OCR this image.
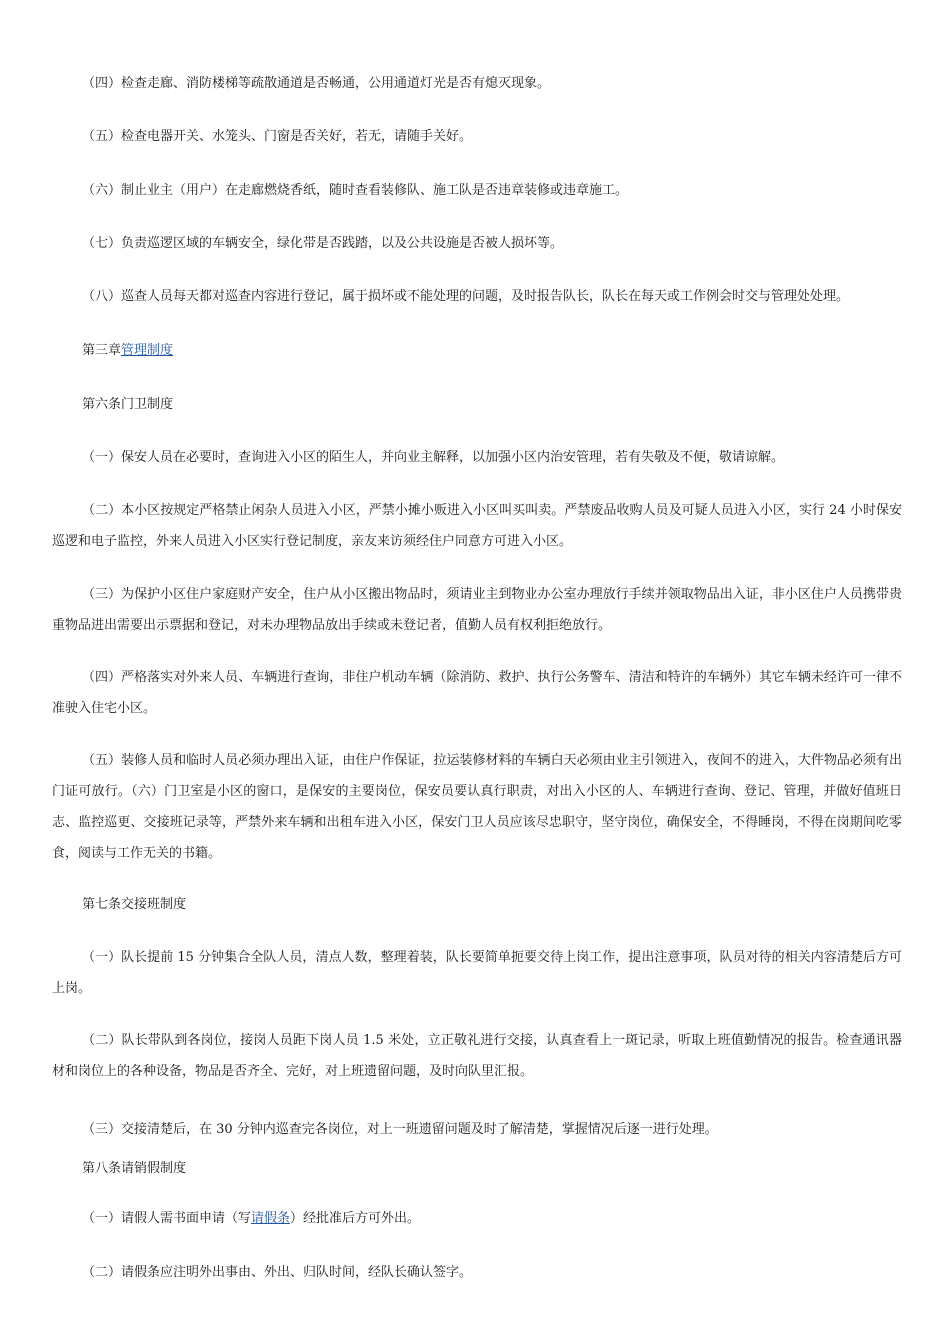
（四）检查走廊、消防楼梯等疏散通道是否畅通，公用通道灯光是否有熄灭现象。
（五）检查电器开关、水笼头、门窗是否关好，若无，请随手关好。
（六）制止业主（用户）在走廊燃烧香纸，随时查看装修队、施工队是否违章装修或违章施工。
（七）负责巡逻区域的车辆安全，绿化带是否践踏，以及公共设施是否被人损坏等。
（八）巡查人员每天都对巡查内容进行登记，属于损坏或不能处理的问题，及时报告队长，队长在每天或工作例会时交与管理处处理。
第三章管理制度
第六条门卫制度
（一）保安人员在必要时，查询进入小区的陌生人，并向业主解释，以加强小区内治安管理，若有失敬及不便，敬请谅解。
（二）本小区按规定严格禁止闲杂人员进入小区，严禁小摊小贩进入小区叫买叫卖。严禁废品收购人员及可疑人员进入小区，实行 24 小时保安巡逻和电子监控，外来人员进入小区实行登记制度，亲友来访须经住户同意方可进入小区。
（三）为保护小区住户家庭财产安全，住户从小区搬出物品时，须请业主到物业办公室办理放行手续并领取物品出入证，非小区住户人员携带贵重物品进出需要出示票据和登记，对未办理物品放出手续或未登记者，值勤人员有权利拒绝放行。
（四）严格落实对外来人员、车辆进行查询，非住户机动车辆（除消防、救护、执行公务警车、清洁和特许的车辆外）其它车辆未经许可一律不准驶入住宅小区。
（五）装修人员和临时人员必须办理出入证，由住户作保证，拉运装修材料的车辆白天必须由业主引领进入，夜间不的进入，大件物品必须有出门证可放行。（六）门卫室是小区的窗口，是保安的主要岗位，保安员要认真行职责，对出入小区的人、车辆进行查询、登记、管理，并做好值班日志、监控巡更、交接班记录等，严禁外来车辆和出租车进入小区，保安门卫人员应该尽忠职守，坚守岗位，确保安全，不得睡岗，不得在岗期间吃零食，阅读与工作无关的书籍。
第七条交接班制度
（一）队长提前 15 分钟集合全队人员，清点人数，整理着装，队长要简单扼要交待上岗工作，提出注意事项，队员对待的相关内容清楚后方可上岗。
（二）队长带队到各岗位，接岗人员距下岗人员 1.5 米处，立正敬礼进行交接，认真查看上一斑记录，听取上班值勤情况的报告。检查通讯器材和岗位上的各种设备，物品是否齐全、完好，对上班遗留问题，及时向队里汇报。
（三）交接清楚后，在 30 分钟内巡查完各岗位，对上一班遗留问题及时了解清楚，掌握情况后逐一进行处理。
第八条请销假制度
（一）请假人需书面申请（写请假条）经批准后方可外出。
（二）请假条应注明外出事由、外出、归队时间，经队长确认签字。
